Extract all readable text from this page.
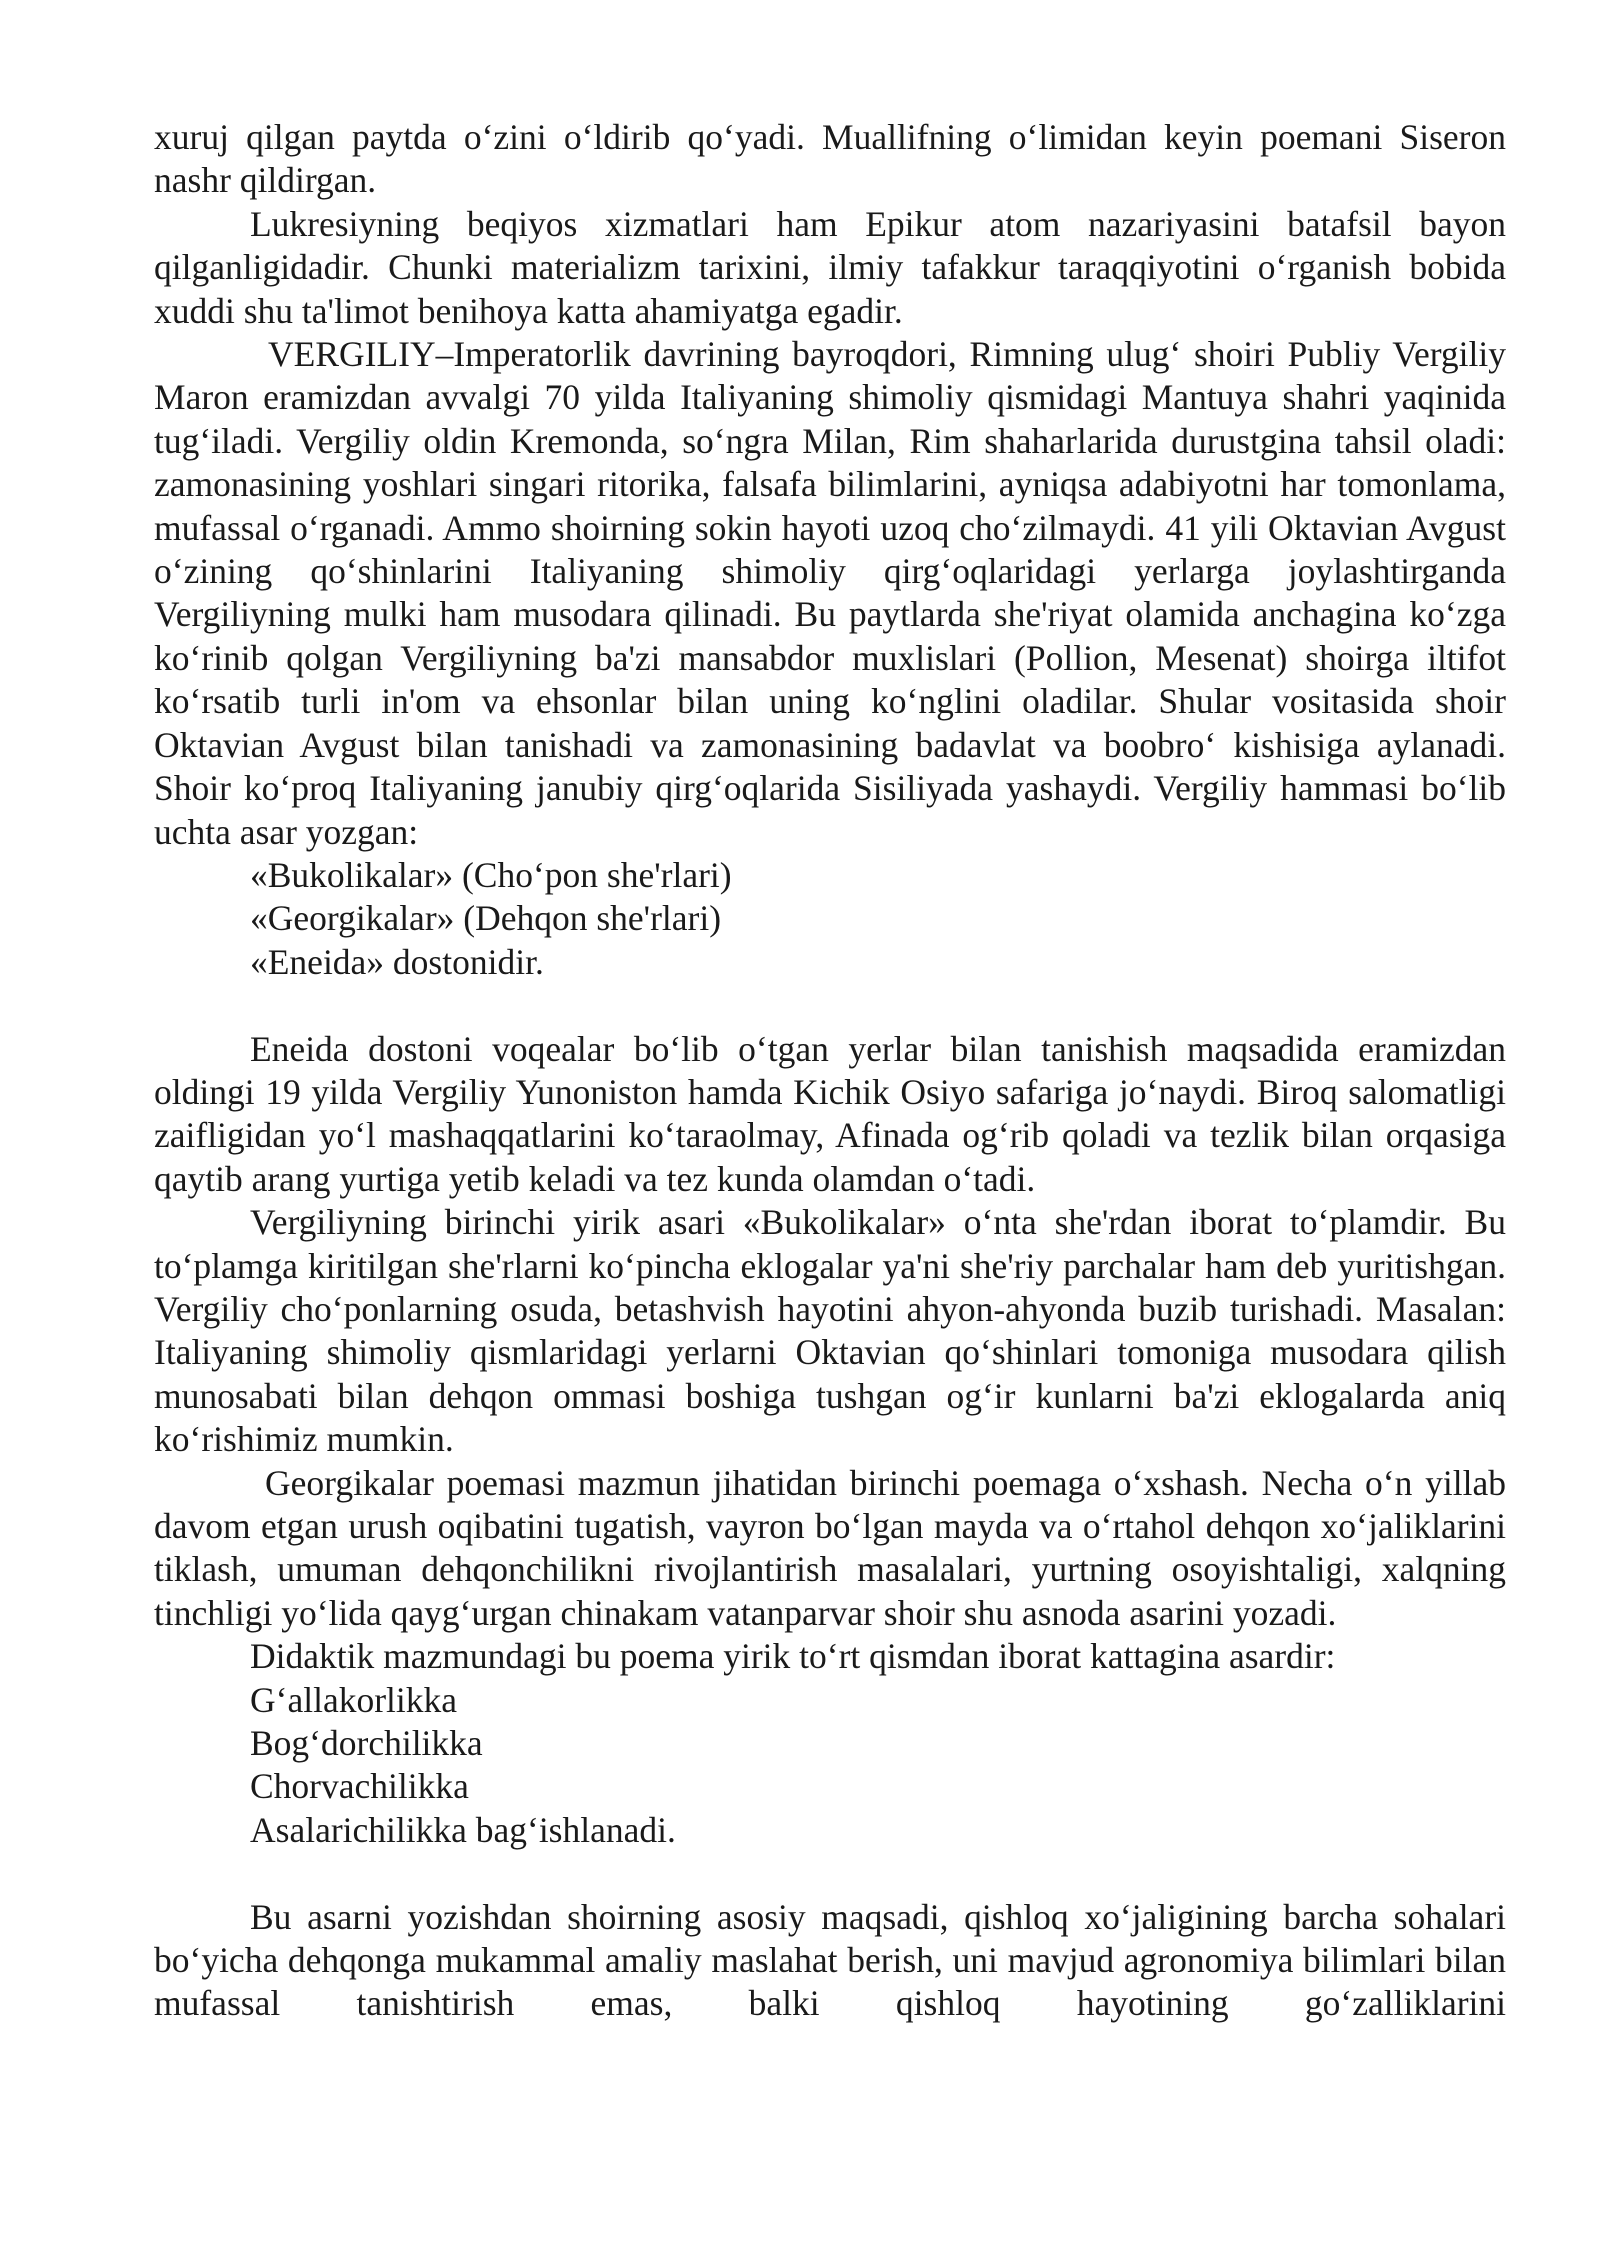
xuruj qilgan paytda o‘zini o‘ldirib qo‘yadi. Muallifning o‘limidan keyin poemani Siseron nashr qildirgan.

Lukresiyning beqiyos xizmatlari ham Epikur atom nazariyasini batafsil bayon qilganligidadir. Chunki materializm tarixini, ilmiy tafakkur taraqqiyotini o‘rganish bobida xuddi shu ta'limot benihoya katta ahamiyatga egadir.

VERGILIY–Imperatorlik davrining bayroqdori, Rimning ulug‘ shoiri Publiy Vergiliy Maron eramizdan avvalgi 70 yilda Italiyaning shimoliy qismidagi Mantuya shahri yaqinida tug‘iladi. Vergiliy oldin Kremonda, so‘ngra Milan, Rim shaharlarida durustgina tahsil oladi: zamonasining yoshlari singari ritorika, falsafa bilimlarini, ayniqsa adabiyotni har tomonlama, mufassal o‘rganadi. Ammo shoirning sokin hayoti uzoq cho‘zilmaydi. 41 yili Oktavian Avgust o‘zining qo‘shinlarini Italiyaning shimoliy qirg‘oqlaridagi yerlarga joylashtirganda Vergiliyning mulki ham musodara qilinadi. Bu paytlarda she'riyat olamida anchagina ko‘zga ko‘rinib qolgan Vergiliyning ba'zi mansabdor muxlislari (Pollion, Mesenat) shoirga iltifot ko‘rsatib turli in'om va ehsonlar bilan uning ko‘nglini oladilar. Shular vositasida shoir Oktavian Avgust bilan tanishadi va zamonasining badavlat va boobro‘ kishisiga aylanadi. Shoir ko‘proq Italiyaning janubiy qirg‘oqlarida Sisiliyada yashaydi. Vergiliy hammasi bo‘lib uchta asar yozgan:

«Bukolikalar» (Cho‘pon she'rlari)

«Georgikalar» (Dehqon she'rlari)

«Eneida» dostonidir.

Eneida dostoni voqealar bo‘lib o‘tgan yerlar bilan tanishish maqsadida eramizdan oldingi 19 yilda Vergiliy Yunoniston hamda Kichik Osiyo safariga jo‘naydi. Biroq salomatligi zaifligidan yo‘l mashaqqatlarini ko‘taraolmay, Afinada og‘rib qoladi va tezlik bilan orqasiga qaytib arang yurtiga yetib keladi va tez kunda olamdan o‘tadi.

Vergiliyning birinchi yirik asari «Bukolikalar» o‘nta she'rdan iborat to‘plamdir. Bu to‘plamga kiritilgan she'rlarni ko‘pincha eklogalar ya'ni she'riy parchalar ham deb yuritishgan. Vergiliy cho‘ponlarning osuda, betashvish hayotini ahyon-ahyonda buzib turishadi. Masalan: Italiyaning shimoliy qismlaridagi yerlarni Oktavian qo‘shinlari tomoniga musodara qilish munosabati bilan dehqon ommasi boshiga tushgan og‘ir kunlarni ba'zi eklogalarda aniq ko‘rishimiz mumkin.

Georgikalar poemasi mazmun jihatidan birinchi poemaga o‘xshash. Necha o‘n yillab davom etgan urush oqibatini tugatish, vayron bo‘lgan mayda va o‘rtahol dehqon xo‘jaliklarini tiklash, umuman dehqonchilikni rivojlantirish masalalari, yurtning osoyishtaligi, xalqning tinchligi yo‘lida qayg‘urgan chinakam vatanparvar shoir shu asnoda asarini yozadi.

Didaktik mazmundagi bu poema yirik to‘rt qismdan iborat kattagina asardir:

G‘allakorlikka

Bog‘dorchilikka

Chorvachilikka

Asalarichilikka bag‘ishlanadi.

Bu asarni yozishdan shoirning asosiy maqsadi, qishloq xo‘jaligining barcha sohalari bo‘yicha dehqonga mukammal amaliy maslahat berish, uni mavjud agronomiya bilimlari bilan mufassal tanishtirish emas, balki qishloq hayotining go‘zalliklarini
